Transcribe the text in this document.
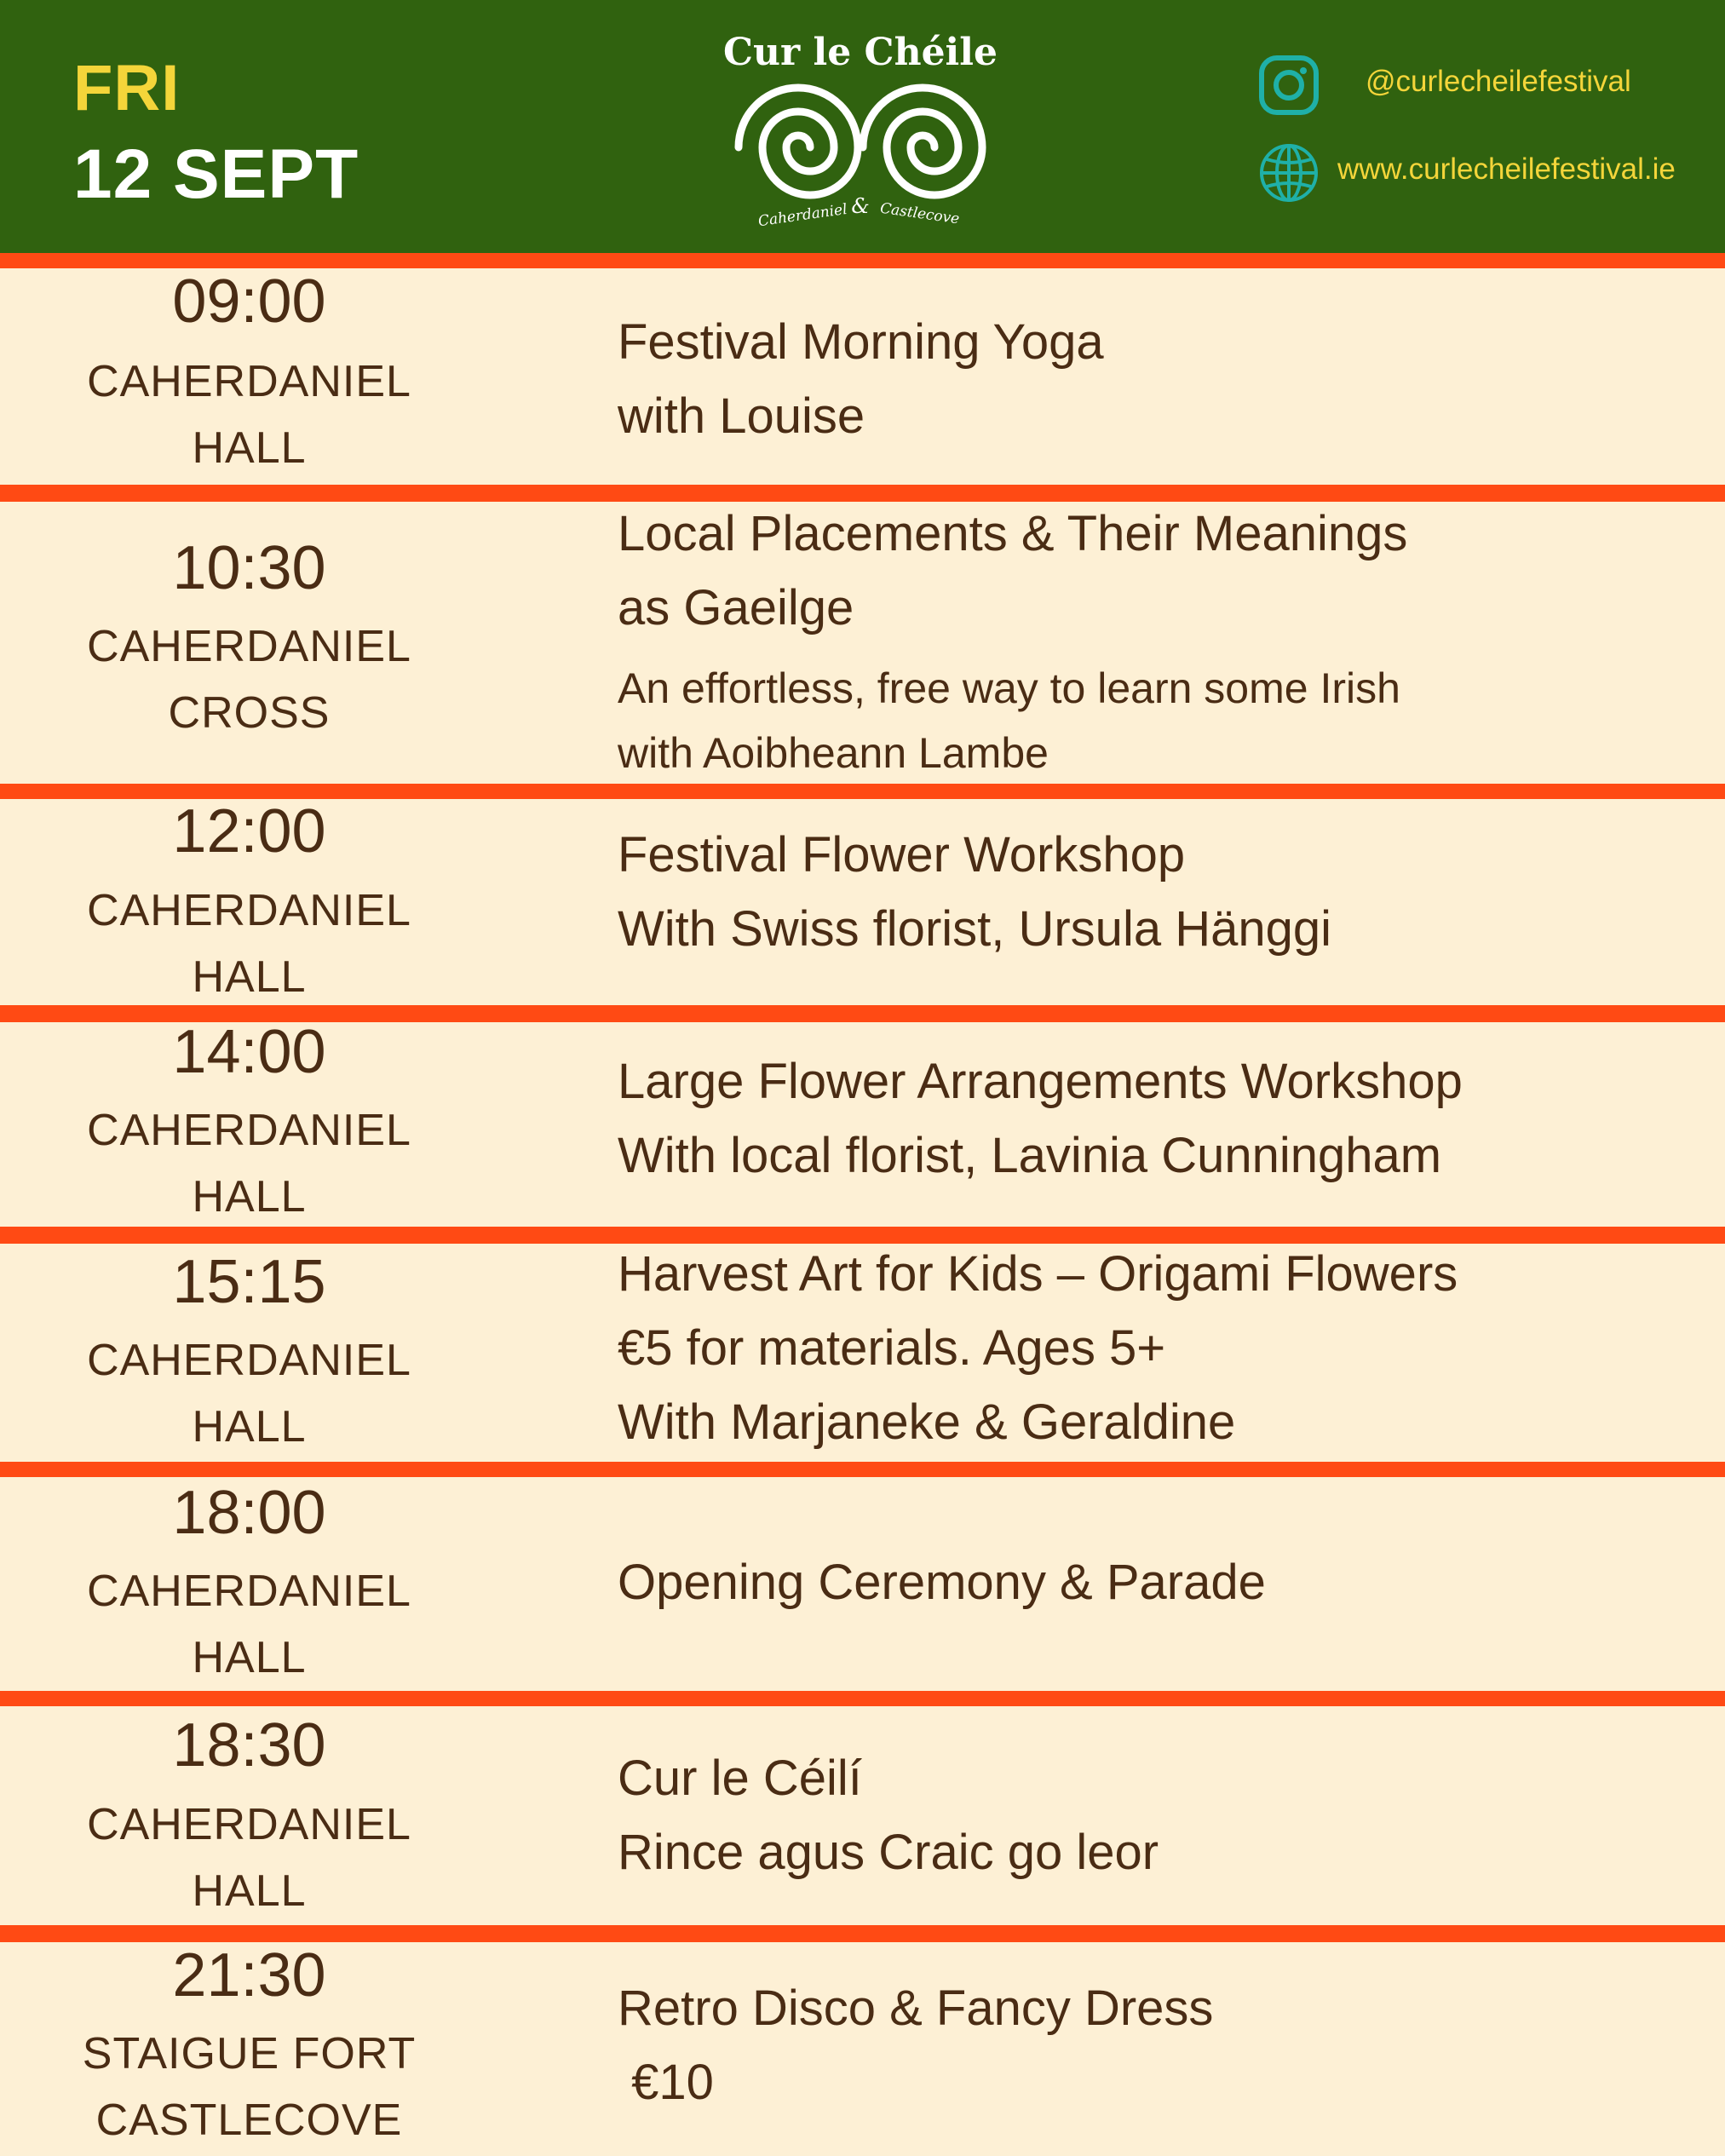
FRI
12 SEPT
Caherdaniel & Castlecove
Cur le Chéile
@curlecheilefestival
www.curlecheilefestival.ie
09:00
CAHERDANIEL
HALL
Festival Morning Yoga
with Louise
10:30
CAHERDANIEL
CROSS
Local Placements & Their Meanings
as Gaeilge
An effortless, free way to learn some Irish
with Aoibheann Lambe
12:00
CAHERDANIEL
HALL
Festival Flower Workshop
With Swiss florist, Ursula Hänggi
14:00
CAHERDANIEL
HALL
Large Flower Arrangements Workshop
With local florist, Lavinia Cunningham
15:15
CAHERDANIEL
HALL
Harvest Art for Kids – Origami Flowers
€5 for materials. Ages 5+
With Marjaneke & Geraldine
18:00
CAHERDANIEL
HALL
Opening Ceremony & Parade
18:30
CAHERDANIEL
HALL
Cur le Céilí
Rince agus Craic go leor
21:30
STAIGUE FORT
CASTLECOVE
Retro Disco & Fancy Dress
€10
